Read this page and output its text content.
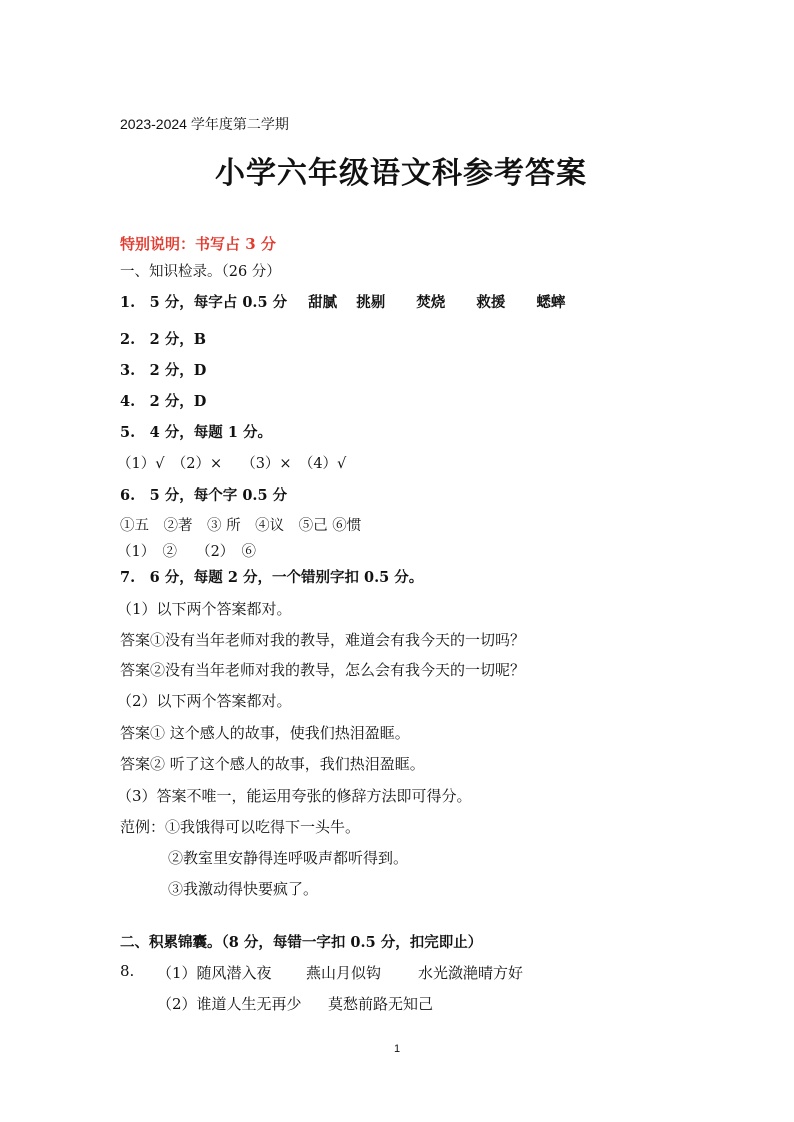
2023-2024 学年度第二学期
小学六年级语文科参考答案
特别说明：书写占 3 分
一、知识检录。（26 分）
1.　5 分，每字占 0.5 分 甜腻 挑剔 焚烧 救援 蟋蟀
2.　2 分，B
3.　2 分，D
4.　2 分，D
5.　4 分，每题 1 分。
（1）√　（2）×　 （3）×　（4）√
6.　5 分，每个字 0.5 分
①五　②著　③ 所　④议　⑤己 ⑥惯
（1）　②　 （2）　⑥
7.　6 分，每题 2 分，一个错别字扣 0.5 分。
（1）以下两个答案都对。
答案①没有当年老师对我的教导，难道会有我今天的一切吗？
答案②没有当年老师对我的教导，怎么会有我今天的一切呢？
（2）以下两个答案都对。
答案① 这个感人的故事，使我们热泪盈眶。
答案② 听了这个感人的故事，我们热泪盈眶。
（3）答案不唯一，能运用夸张的修辞方法即可得分。
范例：①我饿得可以吃得下一头牛。
②教室里安静得连呼吸声都听得到。
③我激动得快要疯了。
二、积累锦囊。（8 分，每错一字扣 0.5 分，扣完即止）
8. （1）随风潜入夜 燕山月似钩 水光潋滟晴方好
（2）谁道人生无再少 莫愁前路无知己
1
